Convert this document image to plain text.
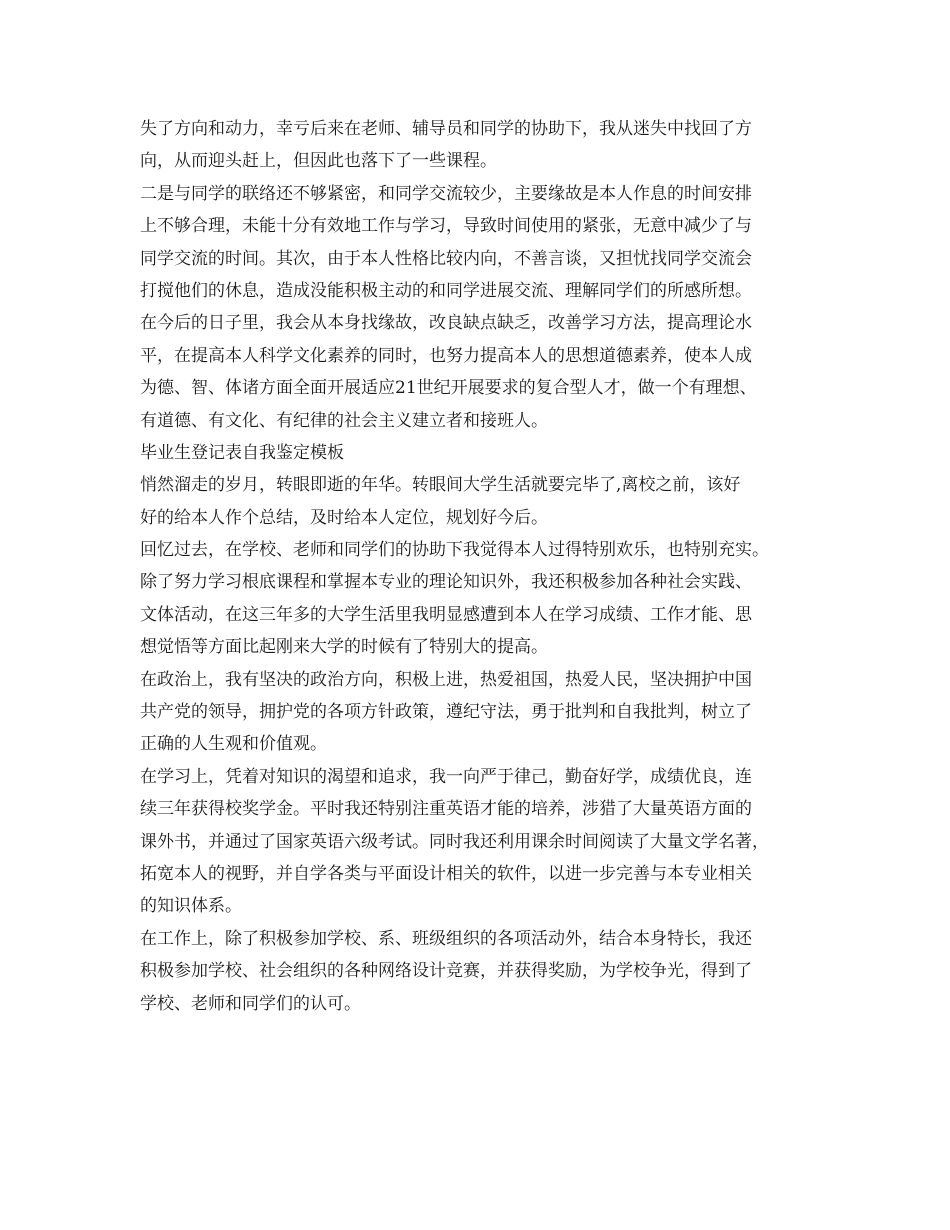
失了方向和动力，幸亏后来在老师、辅导员和同学的协助下，我从迷失中找回了方
向，从而迎头赶上，但因此也落下了一些课程。
二是与同学的联络还不够紧密，和同学交流较少，主要缘故是本人作息的时间安排
上不够合理，未能十分有效地工作与学习，导致时间使用的紧张，无意中减少了与
同学交流的时间。其次，由于本人性格比较内向，不善言谈，又担忧找同学交流会
打搅他们的休息，造成没能积极主动的和同学进展交流、理解同学们的所感所想。
在今后的日子里，我会从本身找缘故，改良缺点缺乏，改善学习方法，提高理论水
平，在提高本人科学文化素养的同时，也努力提高本人的思想道德素养，使本人成
为德、智、体诸方面全面开展适应21世纪开展要求的复合型人才，做一个有理想、
有道德、有文化、有纪律的社会主义建立者和接班人。
毕业生登记表自我鉴定模板
悄然溜走的岁月，转眼即逝的年华。转眼间大学生活就要完毕了,离校之前，该好
好的给本人作个总结，及时给本人定位，规划好今后。
回忆过去，在学校、老师和同学们的协助下我觉得本人过得特别欢乐，也特别充实。
除了努力学习根底课程和掌握本专业的理论知识外，我还积极参加各种社会实践、
文体活动，在这三年多的大学生活里我明显感遭到本人在学习成绩、工作才能、思
想觉悟等方面比起刚来大学的时候有了特别大的提高。
在政治上，我有坚决的政治方向，积极上进，热爱祖国，热爱人民，坚决拥护中国
共产党的领导，拥护党的各项方针政策，遵纪守法，勇于批判和自我批判，树立了
正确的人生观和价值观。
在学习上，凭着对知识的渴望和追求，我一向严于律己，勤奋好学，成绩优良，连
续三年获得校奖学金。平时我还特别注重英语才能的培养，涉猎了大量英语方面的
课外书，并通过了国家英语六级考试。同时我还利用课余时间阅读了大量文学名著，
拓宽本人的视野，并自学各类与平面设计相关的软件，以进一步完善与本专业相关
的知识体系。
在工作上，除了积极参加学校、系、班级组织的各项活动外，结合本身特长，我还
积极参加学校、社会组织的各种网络设计竞赛，并获得奖励，为学校争光，得到了
学校、老师和同学们的认可。
